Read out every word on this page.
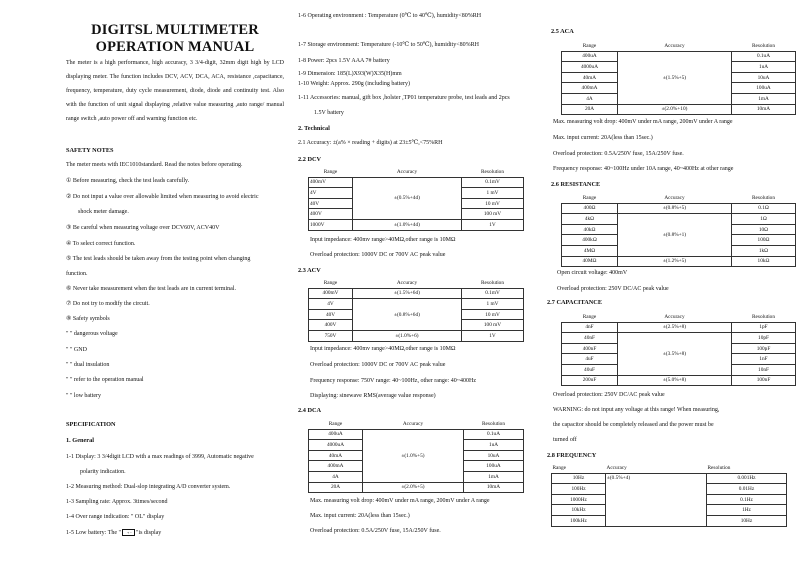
DIGITSL MULTIMETER
OPERATION MANUAL
The meter is a high performance, high accuracy, 3 3/4-digit, 32mm digit high by LCD displaying meter. The function includes DCV, ACV, DCA, ACA, resistance ,capacitance, frequency, temperature, duty cycle measurement, diode, diode and continuity test. Also with the function of unit signal displaying ,relative value measuring ,auto range/ manual range switch ,auto power off and warning function etc.
SAFETY NOTES
The meter meets with IEC1010standard. Read the notes before operating.
① Before measuring, check the test leads carefully.
② Do not input a value over allowable limited when measuring to avoid electric
shock meter damage.
③ Be careful when measuring voltage over DCV60V, ACV40V
④ To select correct function.
⑤ The test leads should be taken away from the testing point when changing
function.
⑥ Never take measurement when the test leads are in current terminal.
⑦ Do not try to modify the circuit.
⑧ Safety symbols
" " dangerous voltage
" " GND
" " dual insulation
" " refer to the operation manual
" " low battery
SPECIFICATION
1. General
1-1 Display: 3 3/4digit LCD with a max readings of 3999, Automatic negative
polarity indication.
1-2 Measuring method: Dual-slop integrating A/D converter system.
1-3 Sampling rate: Approx. 3times/second
1-4 Over range indication: " OL" display
1-5 Low battery: The " + - "is display
1-6 Operating environment : Temperature (0℃ to 40℃), humidity<80%RH
1-7 Storage environment: Temperature (-10℃ to 50℃), humidity<80%RH
1-8 Power: 2pcs 1.5V AAA 7# battery
1-9 Dimension: 185(L)X93(W)X35(H)mm
1-10 Weight: Approx. 290g (including battery)
1-11 Accessories: manual, gift box ,holster ,TP01 temperature probe, test leads and 2pcs
1.5V battery
2. Technical
2.1 Accuracy: ±(a% × reading + digits) at 23±5℃,<75%RH
2.2 DCV
Range	Accuracy	Resolution
400mV	±(0.5%+4d)	0.1mV
4V		1 mV
40V		10 mV
400V		100 mV
1000V	±(1.0%+4d)	1V
Input impedance: 400mv range>40MΩ,other range is 10MΩ
Overload protection: 1000V DC or 700V AC peak value
2.3 ACV
Range	Accuracy	Resolution
400mV	±(1.5%+6d)	0.1mV
4V	±(0.8%+6d)	1 mV
40V		10 mV
400V		100 mV
750V	±(1.0%+6)	1V
Input impedance: 400mv range>40MΩ,other range is 10MΩ
Overload protection: 1000V DC or 700V AC peak value
Frequency response: 750V range: 40~100Hz, other range: 40~400Hz
Displaying: sinewave RMS(average value response)
2.4 DCA
Range	Accuracy	Resolution
400uA	±(1.0%+5)	0.1uA
4000uA		1uA
40mA		10uA
400mA		100uA
4A		1mA
20A	±(2.0%+5)	10mA
Max. measuring volt drop: 400mV under mA range, 200mV under A range
Max. input current: 20A(less than 15sec.)
Overload protection: 0.5A/250V fuse, 15A/250V fuse.
2.5 ACA
Range	Accuracy	Resolution
400uA	±(1.5%+5)	0.1uA
4000uA		1uA
40mA		10uA
400mA		100uA
4A		1mA
20A	±(2.0%+10)	10mA
Max. measuring volt drop: 400mV under mA range, 200mV under A range
Max. input current: 20A(less than 15sec.)
Overload protection: 0.5A/250V fuse, 15A/250V fuse.
Frequency response: 40~100Hz under 10A range, 40~400Hz at other range
2.6 RESISTANCE
Range	Accuracy	Resolution
400Ω	±(0.8%+5)	0.1Ω
4kΩ	±(0.8%+1)	1Ω
40kΩ		10Ω
400kΩ		100Ω
4MΩ		1kΩ
40MΩ	±(1.2%+5)	10kΩ
Open circuit voltage: 400mV
Overload protection: 250V DC/AC peak value
2.7 CAPACITANCE
Range	Accuracy	Resolution
4nF	±(2.5%+8)	1pF
40nF	±(3.5%+8)	10pF
400nF		100pF
4uF		1nF
40uF		10nF
200uF	±(5.0%+8)	100nF
Overload protection: 250V DC/AC peak value
WARNING: do not input any voltage at this range! When measuring,
the capacitor should be completely released and the power must be
turned off
2.8 FREQUENCY
Range	Accuracy	Resolution
10Hz	±(0.5%+4)	0.001Hz
100Hz		0.01Hz
1000Hz		0.1Hz
10kHz		1Hz
100kHz		10Hz
